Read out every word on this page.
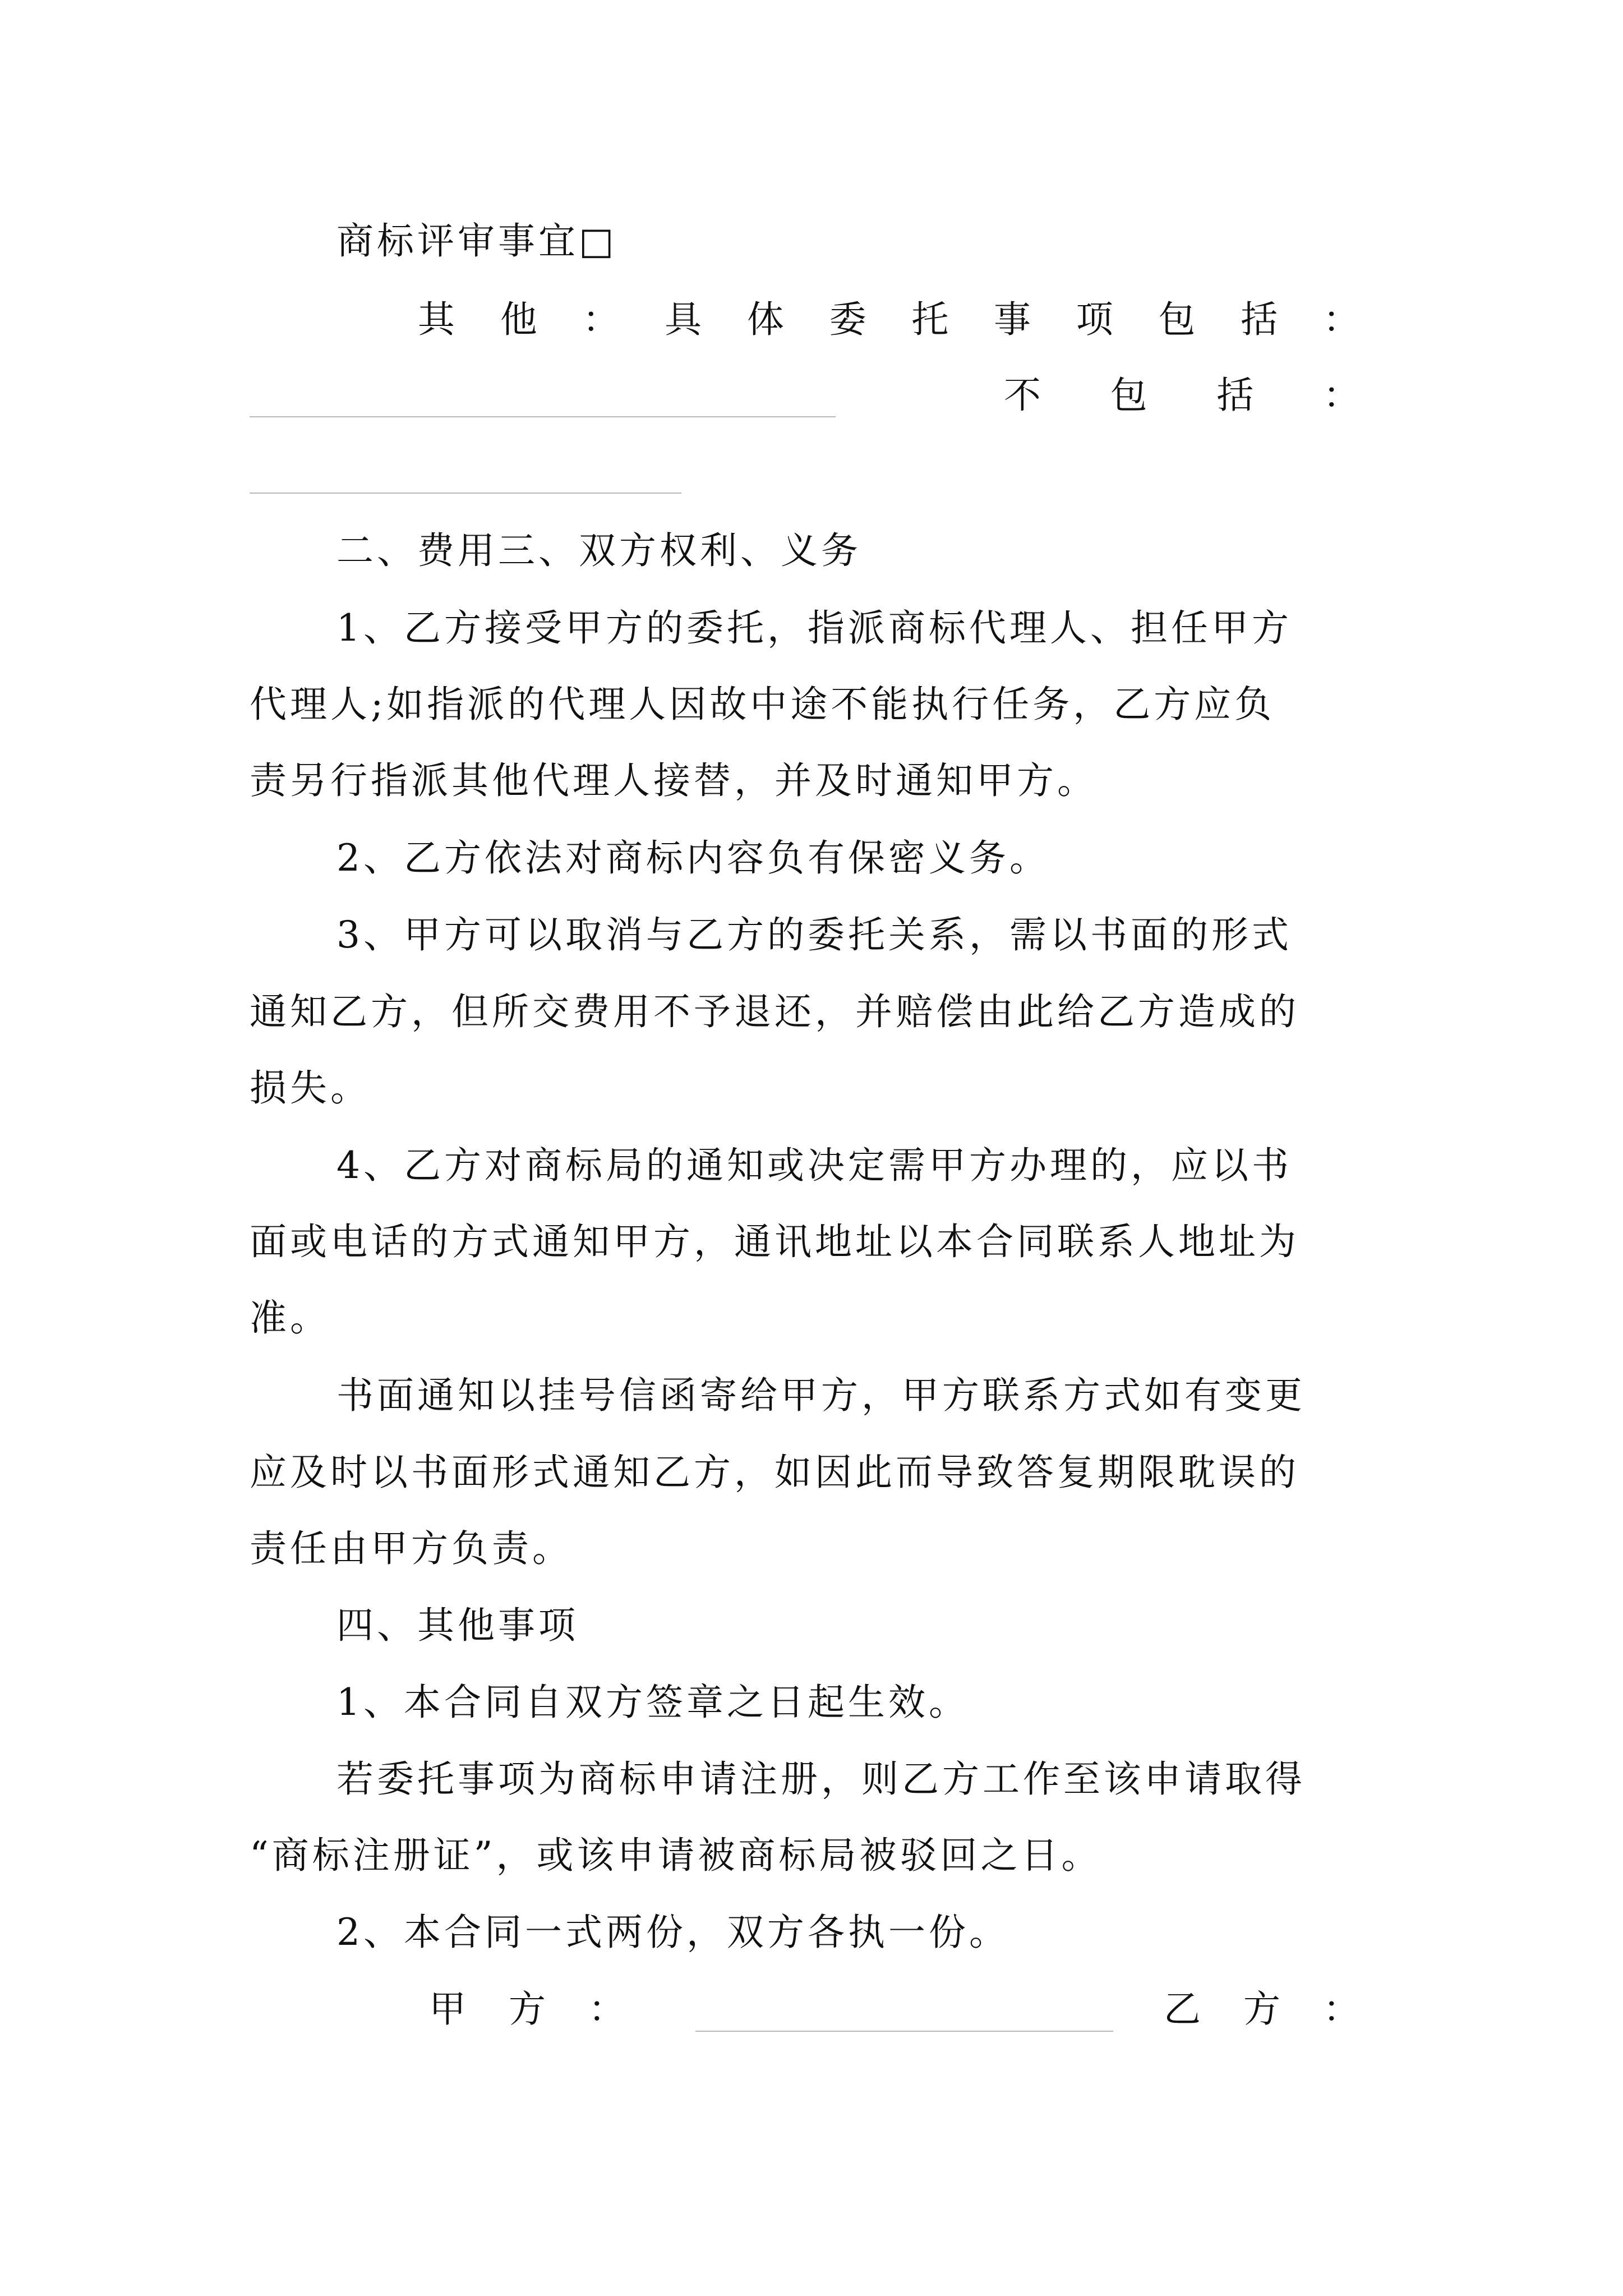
商标评审事宜□
其 他 ： 具 体 委 托 事 项 包 括 ：
不 包 括 ：
二、费用三、双方权利、义务
1、乙方接受甲方的委托，指派商标代理人、担任甲方
代理人;如指派的代理人因故中途不能执行任务，乙方应负
责另行指派其他代理人接替，并及时通知甲方。
2、乙方依法对商标内容负有保密义务。
3、甲方可以取消与乙方的委托关系，需以书面的形式
通知乙方，但所交费用不予退还，并赔偿由此给乙方造成的
损失。
4、乙方对商标局的通知或决定需甲方办理的，应以书
面或电话的方式通知甲方，通讯地址以本合同联系人地址为
准。
书面通知以挂号信函寄给甲方，甲方联系方式如有变更
应及时以书面形式通知乙方，如因此而导致答复期限耽误的
责任由甲方负责。
四、其他事项
1、本合同自双方签章之日起生效。
若委托事项为商标申请注册，则乙方工作至该申请取得
“商标注册证”，或该申请被商标局被驳回之日。
2、本合同一式两份，双方各执一份。
甲 方 ：	乙 方 ：
